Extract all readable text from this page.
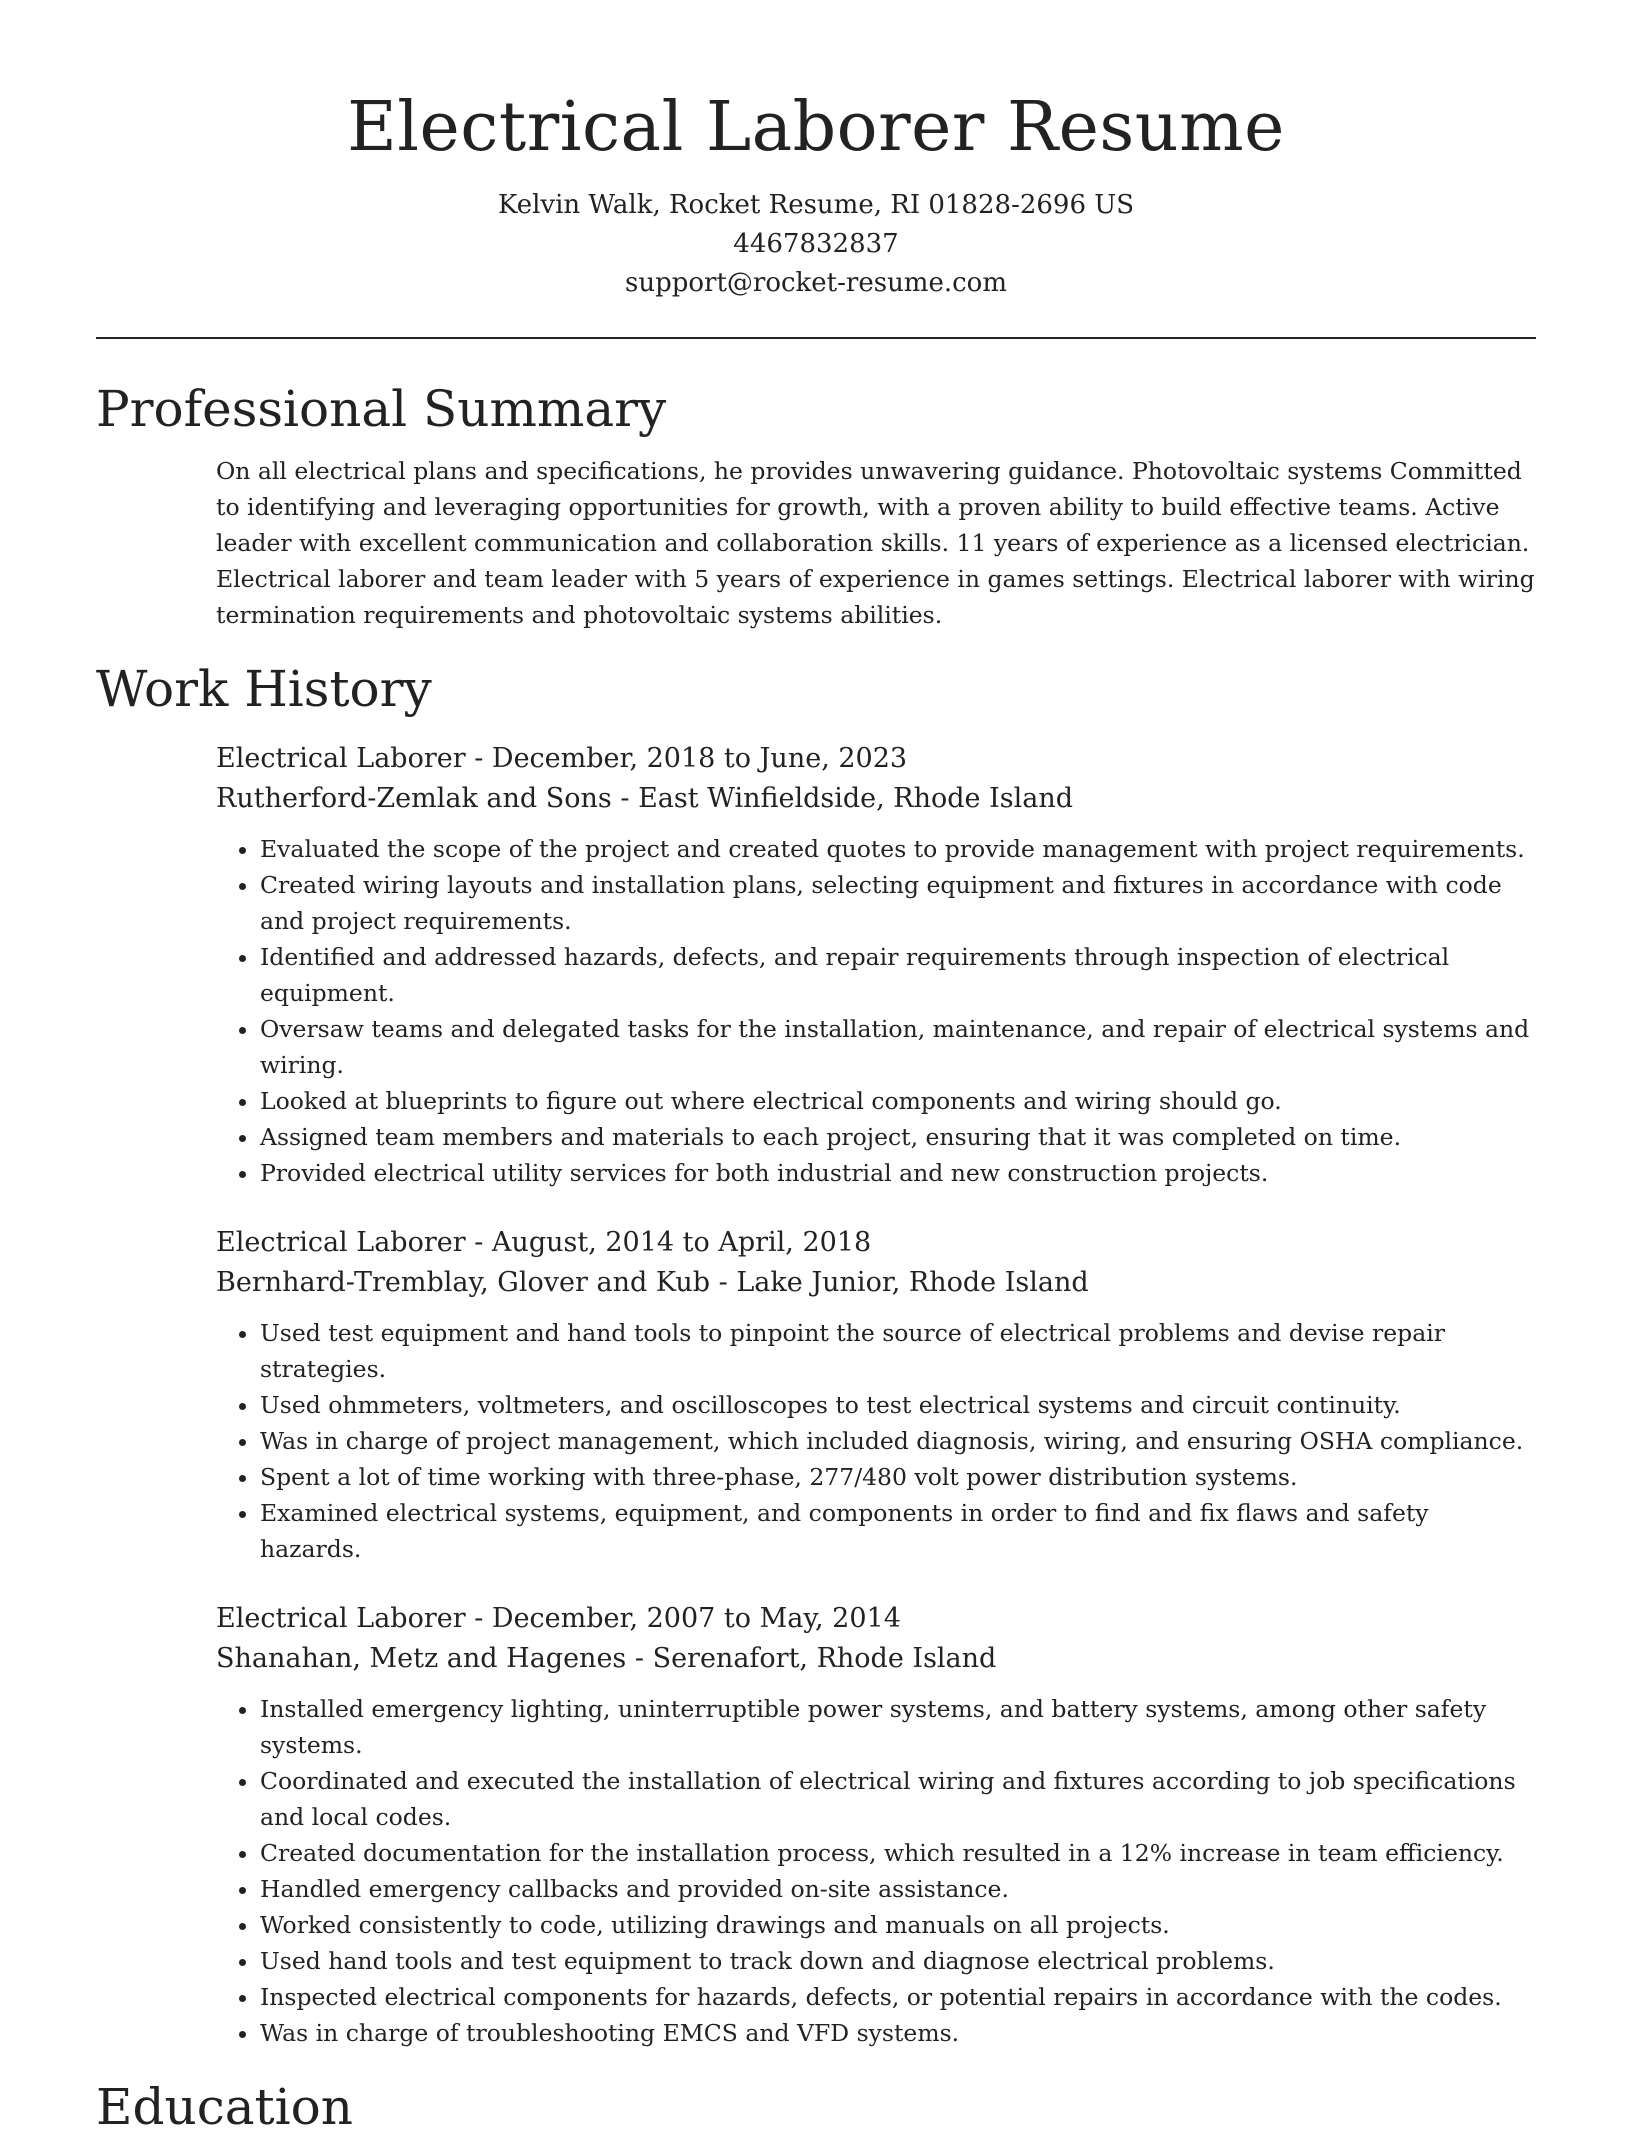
Electrical Laborer Resume
Kelvin Walk, Rocket Resume, RI 01828-2696 US
4467832837
support@rocket-resume.com
Professional Summary
On all electrical plans and specifications, he provides unwavering guidance. Photovoltaic systems Committed to identifying and leveraging opportunities for growth, with a proven ability to build effective teams. Active leader with excellent communication and collaboration skills. 11 years of experience as a licensed electrician. Electrical laborer and team leader with 5 years of experience in games settings. Electrical laborer with wiring termination requirements and photovoltaic systems abilities.
Work History
Electrical Laborer - December, 2018 to June, 2023
Rutherford-Zemlak and Sons - East Winfieldside, Rhode Island
• Evaluated the scope of the project and created quotes to provide management with project requirements.
• Created wiring layouts and installation plans, selecting equipment and fixtures in accordance with code and project requirements.
• Identified and addressed hazards, defects, and repair requirements through inspection of electrical equipment.
• Oversaw teams and delegated tasks for the installation, maintenance, and repair of electrical systems and wiring.
• Looked at blueprints to figure out where electrical components and wiring should go.
• Assigned team members and materials to each project, ensuring that it was completed on time.
• Provided electrical utility services for both industrial and new construction projects.
Electrical Laborer - August, 2014 to April, 2018
Bernhard-Tremblay, Glover and Kub - Lake Junior, Rhode Island
• Used test equipment and hand tools to pinpoint the source of electrical problems and devise repair strategies.
• Used ohmmeters, voltmeters, and oscilloscopes to test electrical systems and circuit continuity.
• Was in charge of project management, which included diagnosis, wiring, and ensuring OSHA compliance.
• Spent a lot of time working with three-phase, 277/480 volt power distribution systems.
• Examined electrical systems, equipment, and components in order to find and fix flaws and safety hazards.
Electrical Laborer - December, 2007 to May, 2014
Shanahan, Metz and Hagenes - Serenafort, Rhode Island
• Installed emergency lighting, uninterruptible power systems, and battery systems, among other safety systems.
• Coordinated and executed the installation of electrical wiring and fixtures according to job specifications and local codes.
• Created documentation for the installation process, which resulted in a 12% increase in team efficiency.
• Handled emergency callbacks and provided on-site assistance.
• Worked consistently to code, utilizing drawings and manuals on all projects.
• Used hand tools and test equipment to track down and diagnose electrical problems.
• Inspected electrical components for hazards, defects, or potential repairs in accordance with the codes.
• Was in charge of troubleshooting EMCS and VFD systems.
Education
